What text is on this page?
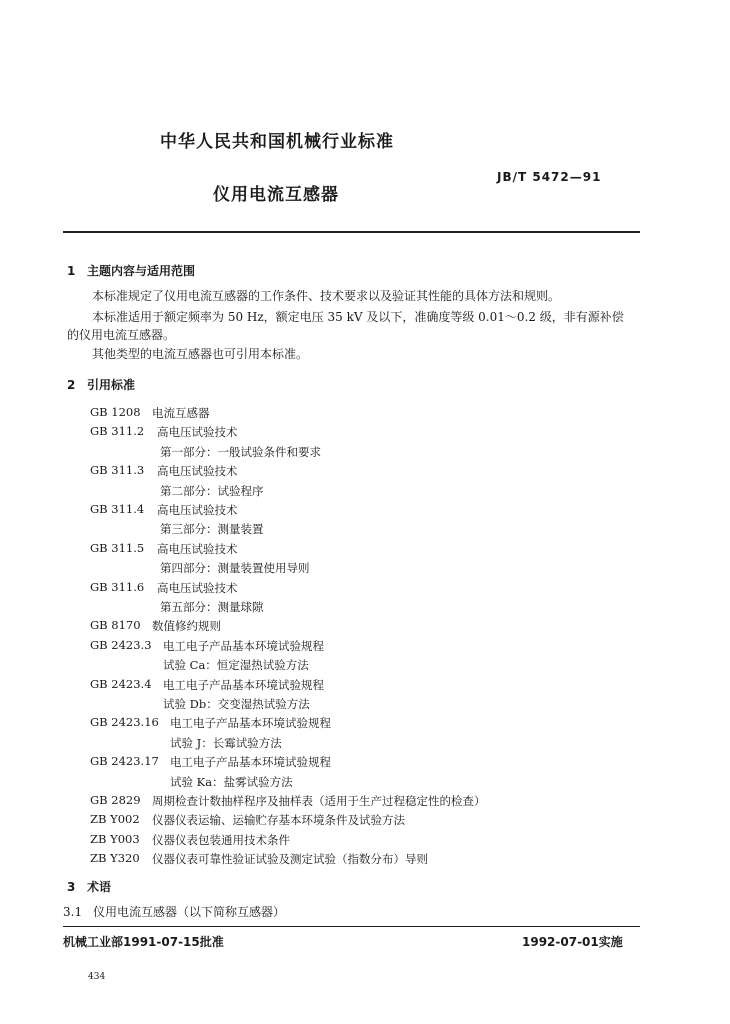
中华人民共和国机械行业标准
JB/T 5472—91
仪用电流互感器
1 主题内容与适用范围
本标准规定了仪用电流互感器的工作条件、技术要求以及验证其性能的具体方法和规则。
本标准适用于额定频率为 50 Hz，额定电压 35 kV 及以下，准确度等级 0.01～0.2 级，非有源补偿
的仪用电流互感器。
其他类型的电流互感器也可引用本标准。
2 引用标准
GB 1208 电流互感器
GB 311.2 高电压试验技术
第一部分：一般试验条件和要求
GB 311.3 高电压试验技术
第二部分：试验程序
GB 311.4 高电压试验技术
第三部分：测量装置
GB 311.5 高电压试验技术
第四部分：测量装置使用导则
GB 311.6 高电压试验技术
第五部分：测量球隙
GB 8170 数值修约规则
GB 2423.3 电工电子产品基本环境试验规程
试验 Ca：恒定湿热试验方法
GB 2423.4 电工电子产品基本环境试验规程
试验 Db：交变湿热试验方法
GB 2423.16 电工电子产品基本环境试验规程
试验 J：长霉试验方法
GB 2423.17 电工电子产品基本环境试验规程
试验 Ka：盐雾试验方法
GB 2829 周期检查计数抽样程序及抽样表（适用于生产过程稳定性的检查）
ZB Y002 仪器仪表运输、运输贮存基本环境条件及试验方法
ZB Y003 仪器仪表包装通用技术条件
ZB Y320 仪器仪表可靠性验证试验及测定试验（指数分布）导则
3 术语
3.1 仪用电流互感器（以下简称互感器）
机械工业部1991-07-15批准	1992-07-01实施
434
